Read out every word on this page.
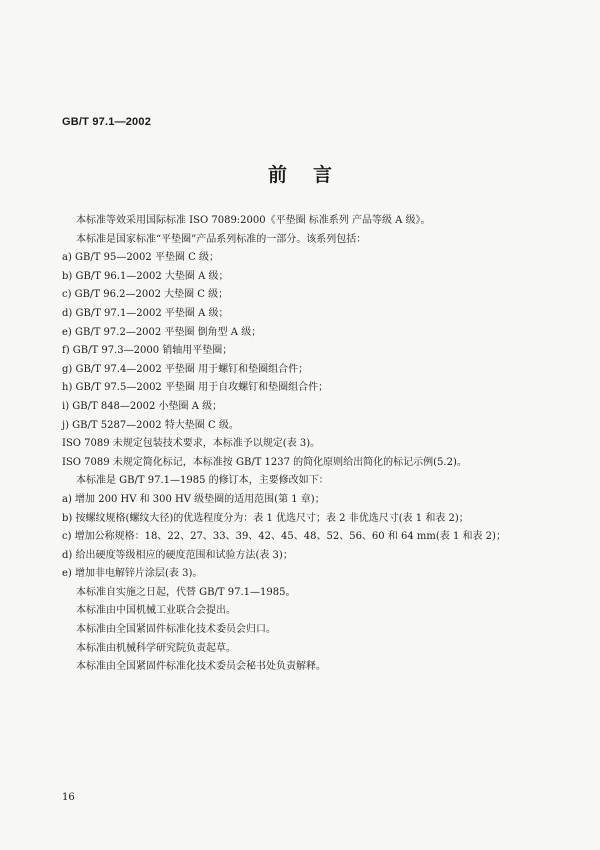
GB/T 97.1—2002
前言
本标准等效采用国际标准 ISO 7089:2000《平垫圈 标准系列 产品等级 A 级》。
本标准是国家标准“平垫圈”产品系列标准的一部分。该系列包括：
a) GB/T 95—2002 平垫圈 C 级；
b) GB/T 96.1—2002 大垫圈 A 级；
c) GB/T 96.2—2002 大垫圈 C 级；
d) GB/T 97.1—2002 平垫圈 A 级；
e) GB/T 97.2—2002 平垫圈 倒角型 A 级；
f) GB/T 97.3—2000 销轴用平垫圈；
g) GB/T 97.4—2002 平垫圈 用于螺钉和垫圈组合件；
h) GB/T 97.5—2002 平垫圈 用于自攻螺钉和垫圈组合件；
i) GB/T 848—2002 小垫圈 A 级；
j) GB/T 5287—2002 特大垫圈 C 级。
ISO 7089 未规定包装技术要求，本标准予以规定(表 3)。
ISO 7089 未规定简化标记，本标准按 GB/T 1237 的简化原则给出简化的标记示例(5.2)。
本标准是 GB/T 97.1—1985 的修订本，主要修改如下：
a) 增加 200 HV 和 300 HV 级垫圈的适用范围(第 1 章)；
b) 按螺纹规格(螺纹大径)的优选程度分为：表 1 优选尺寸；表 2 非优选尺寸(表 1 和表 2)；
c) 增加公称规格：18、22、27、33、39、42、45、48、52、56、60 和 64 mm(表 1 和表 2)；
d) 给出硬度等级相应的硬度范围和试验方法(表 3)；
e) 增加非电解锌片涂层(表 3)。
本标准自实施之日起，代替 GB/T 97.1—1985。
本标准由中国机械工业联合会提出。
本标准由全国紧固件标准化技术委员会归口。
本标准由机械科学研究院负责起草。
本标准由全国紧固件标准化技术委员会秘书处负责解释。
16
